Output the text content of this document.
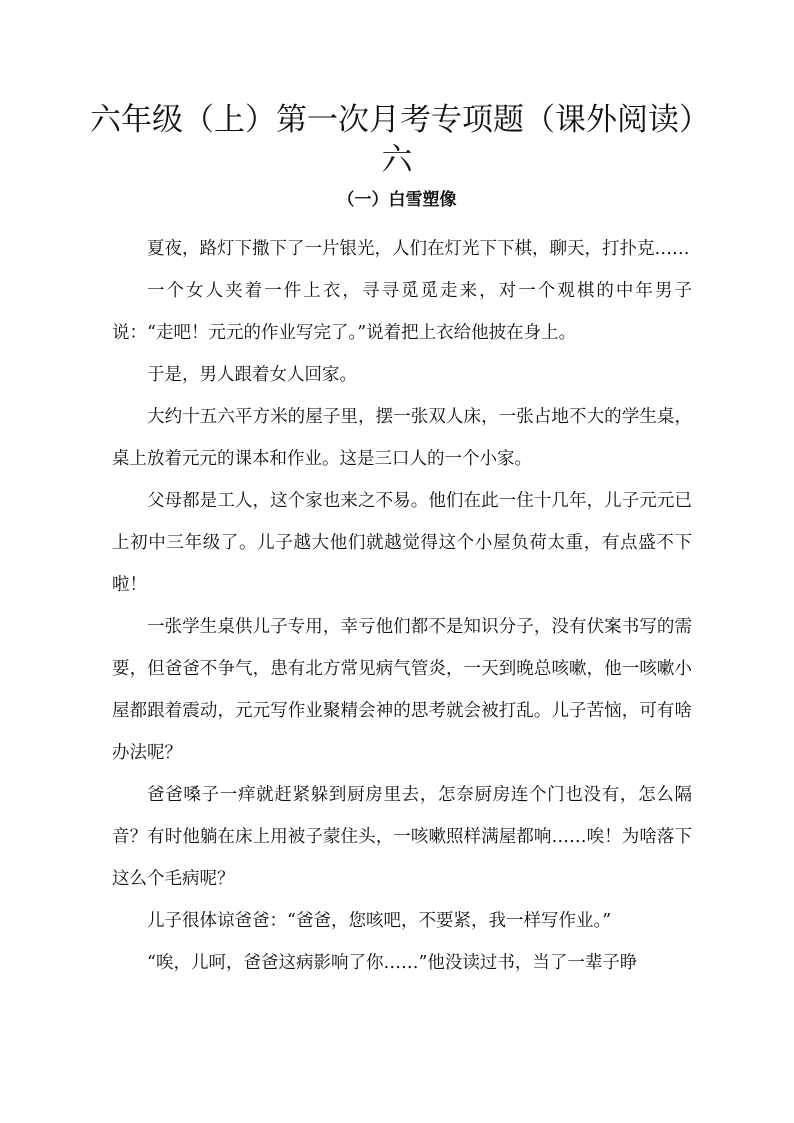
六年级（上）第一次月考专项题（课外阅读）
六
（一）白雪塑像

夏夜，路灯下撒下了一片银光，人们在灯光下下棋，聊天，打扑克……

一个女人夹着一件上衣，寻寻觅觅走来，对一个观棋的中年男子说：“走吧！元元的作业写完了。”说着把上衣给他披在身上。

于是，男人跟着女人回家。

大约十五六平方米的屋子里，摆一张双人床，一张占地不大的学生桌，桌上放着元元的课本和作业。这是三口人的一个小家。

父母都是工人，这个家也来之不易。他们在此一住十几年，儿子元元已上初中三年级了。儿子越大他们就越觉得这个小屋负荷太重，有点盛不下啦！

一张学生桌供儿子专用，幸亏他们都不是知识分子，没有伏案书写的需要，但爸爸不争气，患有北方常见病气管炎，一天到晚总咳嗽，他一咳嗽小屋都跟着震动，元元写作业聚精会神的思考就会被打乱。儿子苦恼，可有啥办法呢？

爸爸嗓子一痒就赶紧躲到厨房里去，怎奈厨房连个门也没有，怎么隔音？有时他躺在床上用被子蒙住头，一咳嗽照样满屋都响……唉！为啥落下这么个毛病呢？

儿子很体谅爸爸：“爸爸，您咳吧，不要紧，我一样写作业。”

“唉，儿呵，爸爸这病影响了你……”他没读过书，当了一辈子睁
